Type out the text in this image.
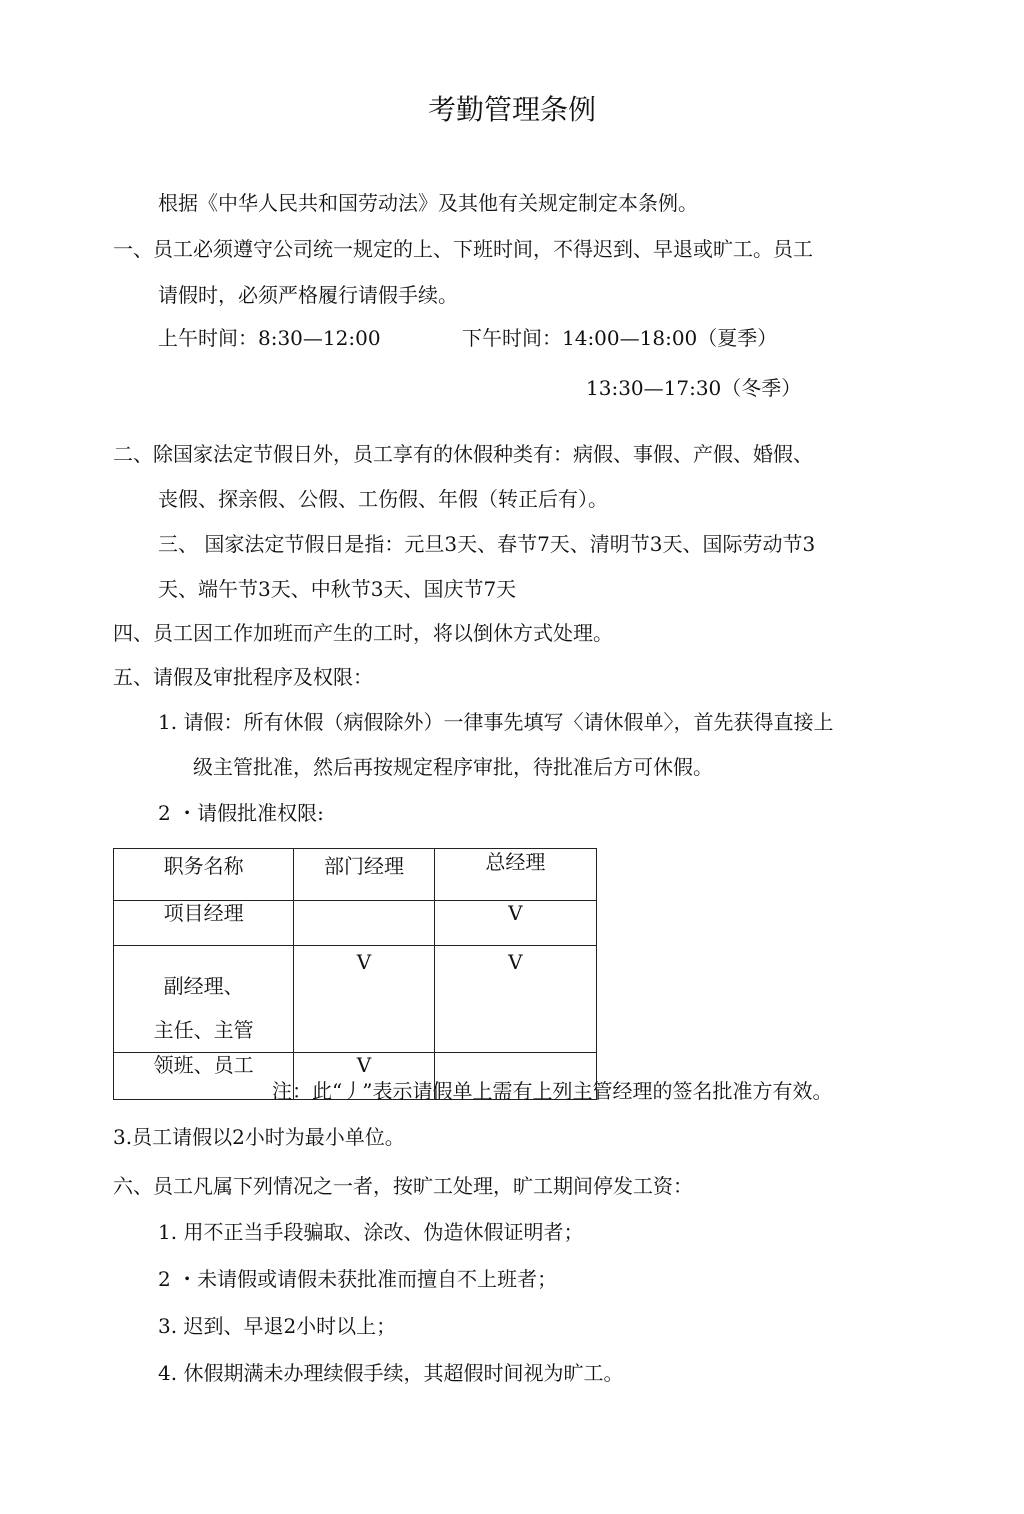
考勤管理条例
根据《中华人民共和国劳动法》及其他有关规定制定本条例。
一、员工必须遵守公司统一规定的上、下班时间，不得迟到、早退或旷工。员工
请假时，必须严格履行请假手续。
上午时间：8:30—12:00	下午时间：14:00—18:00（夏季）
13:30—17:30（冬季）
二、除国家法定节假日外，员工享有的休假种类有：病假、事假、产假、婚假、
丧假、探亲假、公假、工伤假、年假（转正后有）。
三、 国家法定节假日是指：元旦3天、春节7天、清明节3天、国际劳动节3
天、端午节3天、中秋节3天、国庆节7天
四、员工因工作加班而产生的工时，将以倒休方式处理。
五、请假及审批程序及权限：
1. 请假：所有休假（病假除外）一律事先填写〈请休假单〉，首先获得直接上
级主管批准，然后再按规定程序审批，待批准后方可休假。
2 ・请假批准权限:
职务名称	部门经理	总经理
项目经理		V

副经理、
主任、主管	V	V
领班、员工	V	
注：此“丿”表示请假单上需有上列主管经理的签名批准方有效。
3.员工请假以2小时为最小单位。
六、员工凡属下列情况之一者，按旷工处理，旷工期间停发工资：
1. 用不正当手段骗取、涂改、伪造休假证明者；
2 ・未请假或请假未获批准而擅自不上班者；
3. 迟到、早退2小时以上；
4. 休假期满未办理续假手续，其超假时间视为旷工。
